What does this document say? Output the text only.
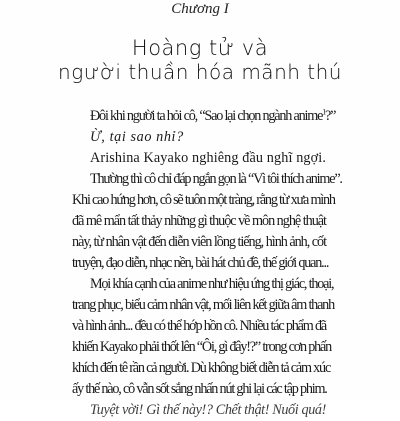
Chương I
Hoàng tử và
người thuần hóa mãnh thú
Đôi khi người ta hỏi cô, “Sao lại chọn ngành anime$^1$?”
Ừ, tại sao nhỉ?
Arishina Kayako nghiêng đầu nghĩ ngợi.
Thường thì cô chỉ đáp ngắn gọn là “Vì tôi thích anime”.
Khi cao hứng hơn, cô sẽ tuôn một tràng, rằng từ xưa mình
đã mê mẩn tất thảy những gì thuộc về môn nghệ thuật
này, từ nhân vật đến diễn viên lồng tiếng, hình ảnh, cốt
truyện, đạo diễn, nhạc nền, bài hát chủ đề, thế giới quan...
Mọi khía cạnh của anime như hiệu ứng thị giác, thoại,
trang phục, biểu cảm nhân vật, mối liên kết giữa âm thanh
và hình ảnh... đều có thể hớp hồn cô. Nhiều tác phẩm đã
khiến Kayako phải thốt lên “Ôi, gì đây!?” trong cơn phấn
khích đến tê rần cả người. Dù không biết diễn tả cảm xúc
ấy thế nào, cô vẫn sốt sắng nhấn nút ghi lại các tập phim.
Tuyệt vời! Gì thế này!? Chết thật! Nuối quá!
